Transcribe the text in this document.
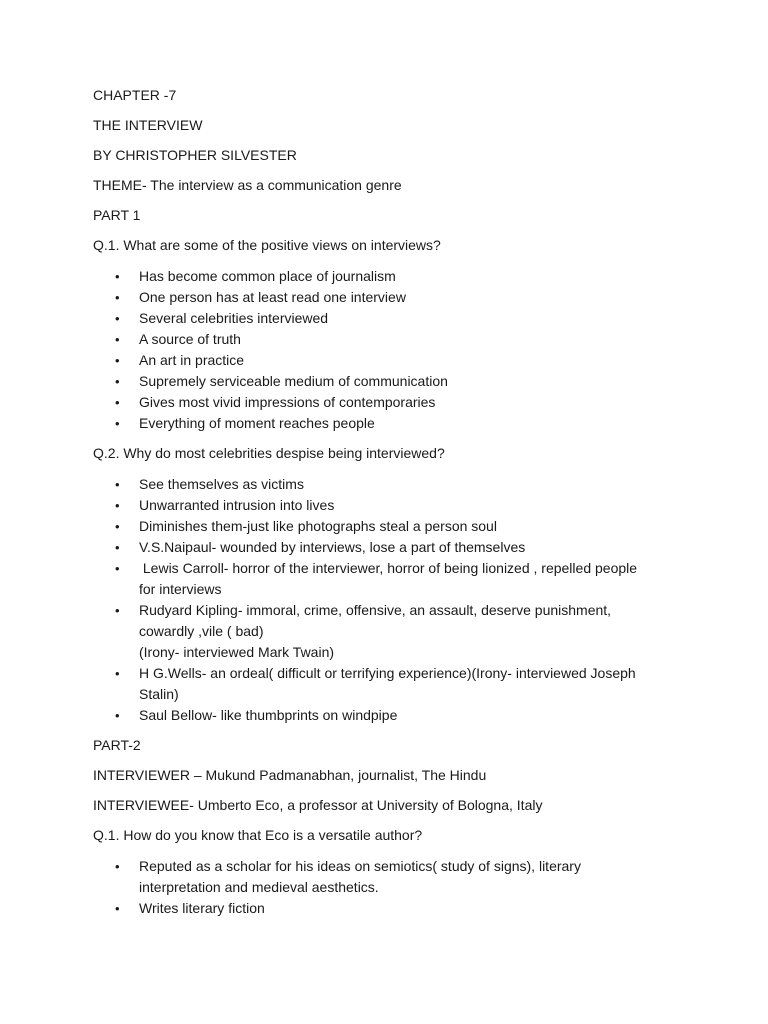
CHAPTER -7

THE INTERVIEW

BY CHRISTOPHER SILVESTER

THEME- The interview as a communication genre

PART 1

Q.1. What are some of the positive views on interviews?

• Has become common place of journalism
• One person has at least read one interview
• Several celebrities interviewed
• A source of truth
• An art in practice
• Supremely serviceable medium of communication
• Gives most vivid impressions of contemporaries
• Everything of moment reaches people

Q.2. Why do most celebrities despise being interviewed?

• See themselves as victims
• Unwarranted intrusion into lives
• Diminishes them-just like photographs steal a person soul
• V.S.Naipaul- wounded by interviews, lose a part of themselves
• Lewis Carroll- horror of the interviewer, horror of being lionized , repelled people
for interviews
• Rudyard Kipling- immoral, crime, offensive, an assault, deserve punishment,
cowardly ,vile ( bad)
(Irony- interviewed Mark Twain)
• H G.Wells- an ordeal( difficult or terrifying experience)(Irony- interviewed Joseph
Stalin)
• Saul Bellow- like thumbprints on windpipe

PART-2

INTERVIEWER – Mukund Padmanabhan, journalist, The Hindu

INTERVIEWEE- Umberto Eco, a professor at University of Bologna, Italy

Q.1. How do you know that Eco is a versatile author?

• Reputed as a scholar for his ideas on semiotics( study of signs), literary
interpretation and medieval aesthetics.
• Writes literary fiction
